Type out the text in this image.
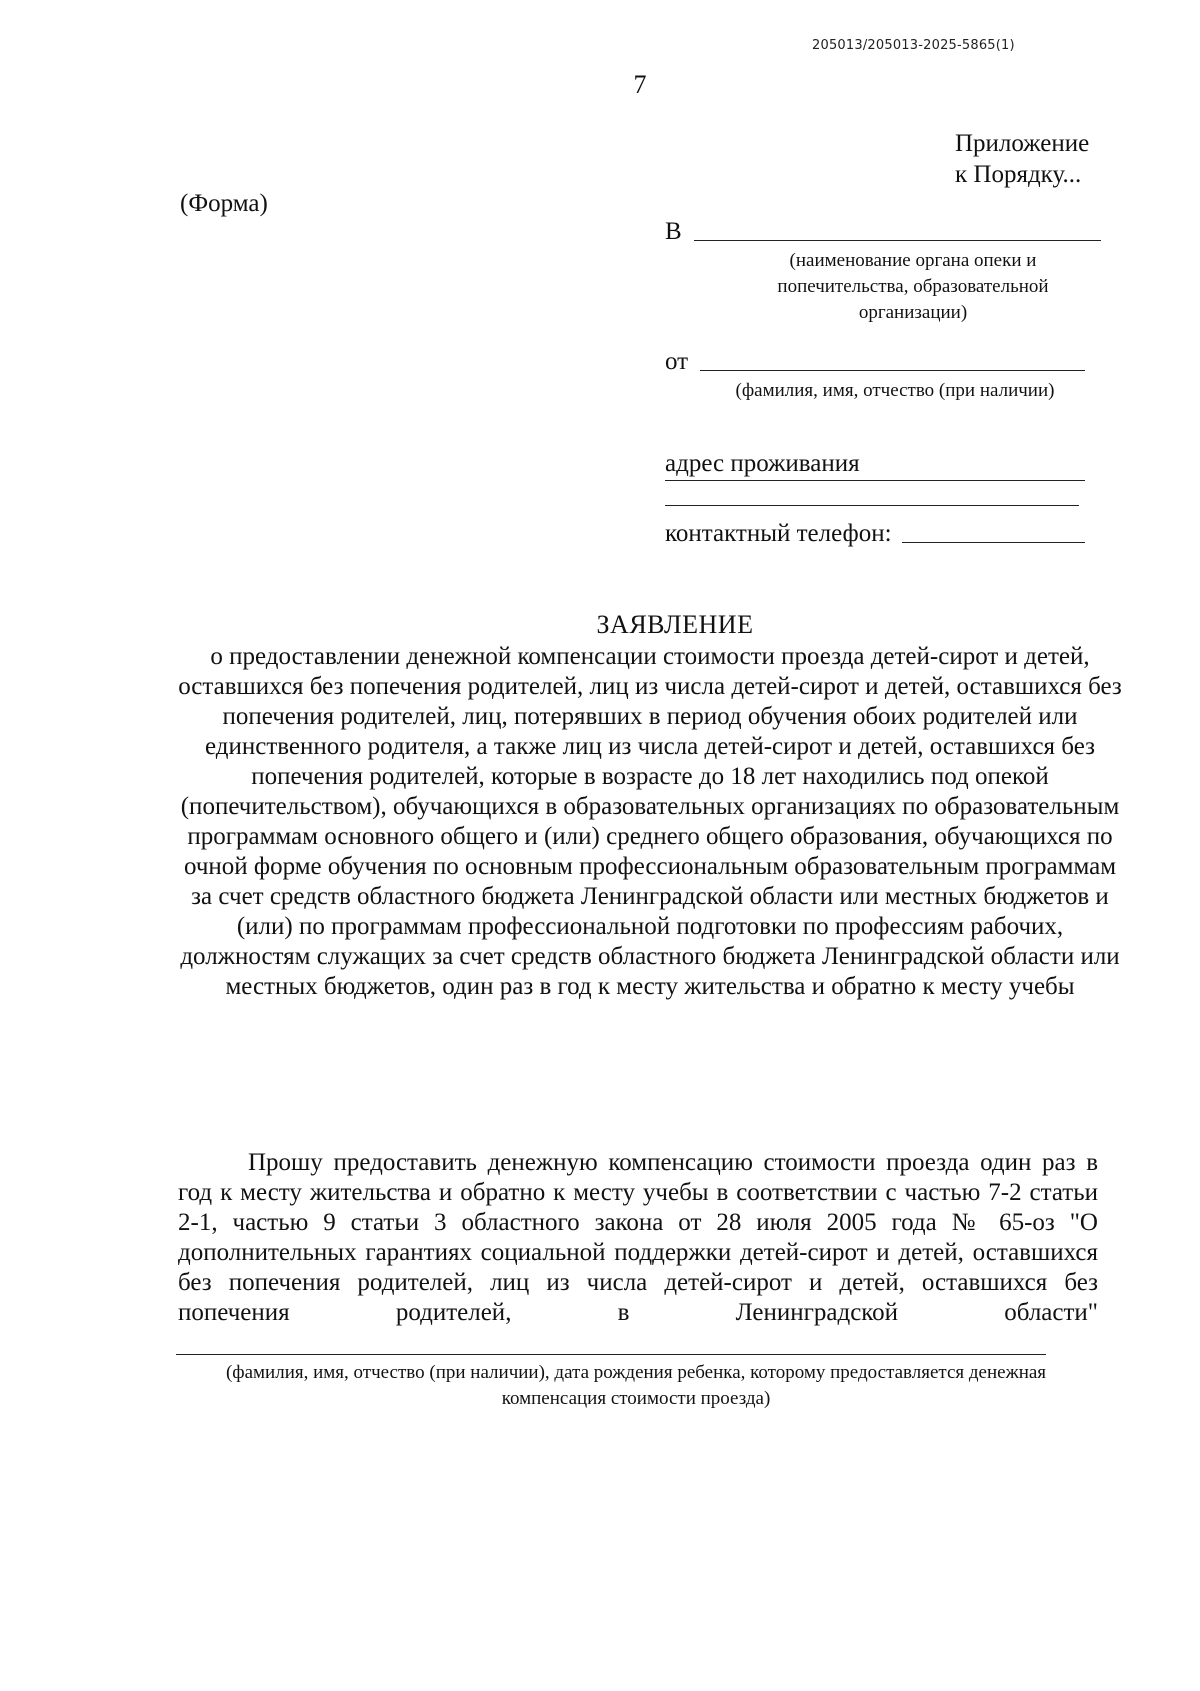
205013/205013-2025-5865(1)
7
Приложение
к Порядку...
(Форма)
В
(наименование органа опеки и попечительства, образовательной организации)
от
(фамилия, имя, отчество (при наличии)
адрес проживания
контактный телефон:
ЗАЯВЛЕНИЕ
о предоставлении денежной компенсации стоимости проезда детей-сирот и детей, оставшихся без попечения родителей, лиц из числа детей-сирот и детей, оставшихся без попечения родителей, лиц, потерявших в период обучения обоих родителей или единственного родителя, а также лиц из числа детей-сирот и детей, оставшихся без попечения родителей, которые в возрасте до 18 лет находились под опекой (попечительством), обучающихся в образовательных организациях по образовательным программам основного общего и (или) среднего общего образования, обучающихся по очной форме обучения по основным профессиональным образовательным программам за счет средств областного бюджета Ленинградской области или местных бюджетов и (или) по программам профессиональной подготовки по профессиям рабочих, должностям служащих за счет средств областного бюджета Ленинградской области или местных бюджетов, один раз в год к месту жительства и обратно к месту учебы
Прошу предоставить денежную компенсацию стоимости проезда один раз в год к месту жительства и обратно к месту учебы в соответствии с частью 7-2 статьи 2-1, частью 9 статьи 3 областного закона от 28 июля 2005 года № 65-оз "О дополнительных гарантиях социальной поддержки детей-сирот и детей, оставшихся без попечения родителей, лиц из числа детей-сирот и детей, оставшихся без попечения родителей, в Ленинградской области"
(фамилия, имя, отчество (при наличии), дата рождения ребенка, которому предоставляется денежная компенсация стоимости проезда)
